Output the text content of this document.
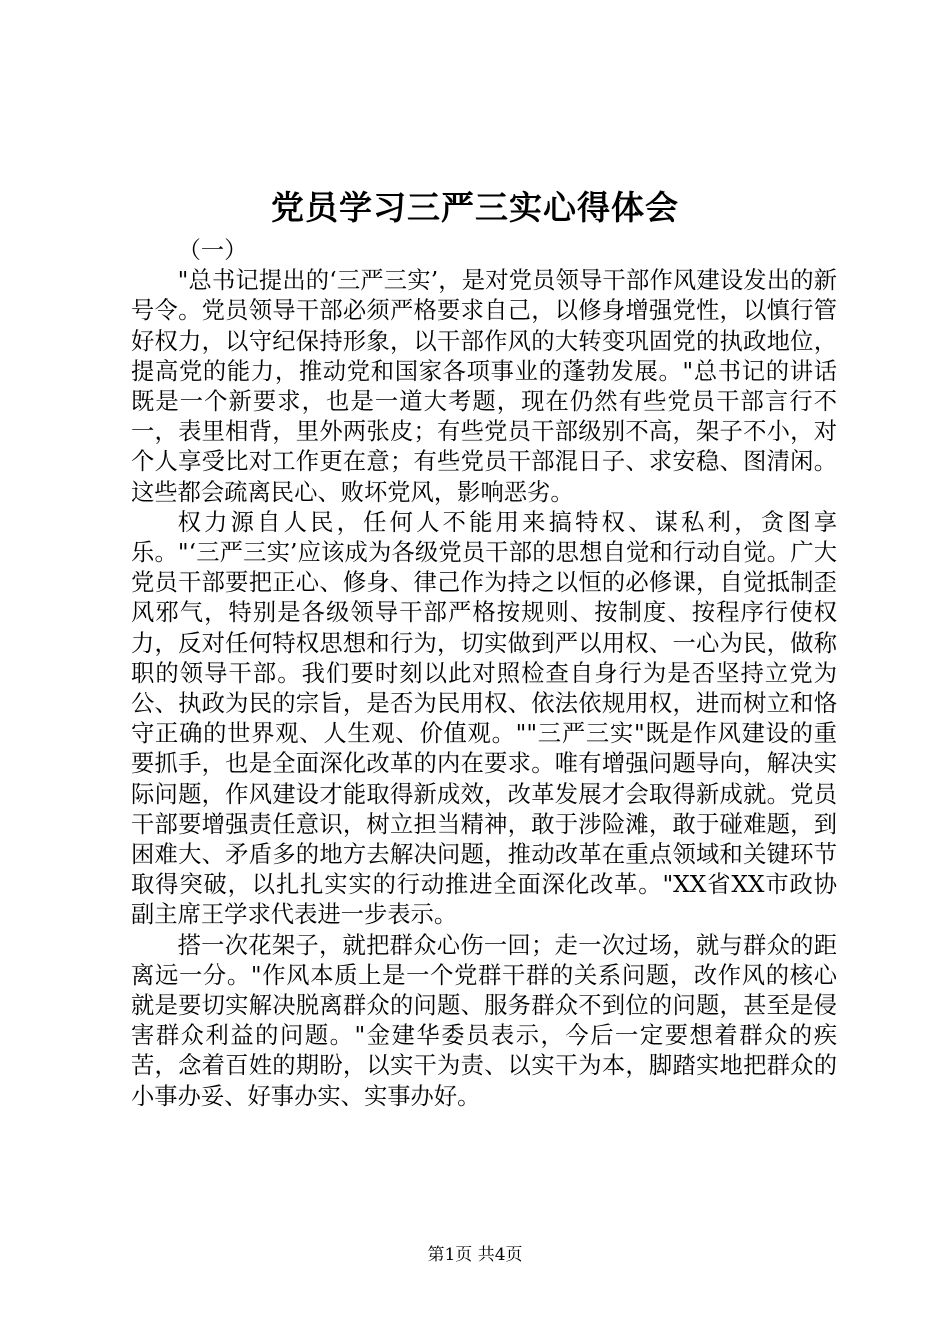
党员学习三严三实心得体会

（一）

"总书记提出的‘三严三实’，是对党员领导干部作风建设发出的新号令。党员领导干部必须严格要求自己，以修身增强党性，以慎行管好权力，以守纪保持形象，以干部作风的大转变巩固党的执政地位，提高党的能力，推动党和国家各项事业的蓬勃发展。"总书记的讲话既是一个新要求，也是一道大考题，现在仍然有些党员干部言行不一，表里相背，里外两张皮；有些党员干部级别不高，架子不小，对个人享受比对工作更在意；有些党员干部混日子、求安稳、图清闲。这些都会疏离民心、败坏党风，影响恶劣。

权力源自人民，任何人不能用来搞特权、谋私利，贪图享乐。"‘三严三实’应该成为各级党员干部的思想自觉和行动自觉。广大党员干部要把正心、修身、律己作为持之以恒的必修课，自觉抵制歪风邪气，特别是各级领导干部严格按规则、按制度、按程序行使权力，反对任何特权思想和行为，切实做到严以用权、一心为民，做称职的领导干部。我们要时刻以此对照检查自身行为是否坚持立党为公、执政为民的宗旨，是否为民用权、依法依规用权，进而树立和恪守正确的世界观、人生观、价值观。""三严三实"既是作风建设的重要抓手，也是全面深化改革的内在要求。唯有增强问题导向，解决实际问题，作风建设才能取得新成效，改革发展才会取得新成就。党员干部要增强责任意识，树立担当精神，敢于涉险滩，敢于碰难题，到困难大、矛盾多的地方去解决问题，推动改革在重点领域和关键环节取得突破，以扎扎实实的行动推进全面深化改革。"XX省XX市政协副主席王学求代表进一步表示。

搭一次花架子，就把群众心伤一回；走一次过场，就与群众的距离远一分。"作风本质上是一个党群干群的关系问题，改作风的核心就是要切实解决脱离群众的问题、服务群众不到位的问题，甚至是侵害群众利益的问题。"金建华委员表示，今后一定要想着群众的疾苦，念着百姓的期盼，以实干为责、以实干为本，脚踏实地把群众的小事办妥、好事办实、实事办好。

第1页 共4页
